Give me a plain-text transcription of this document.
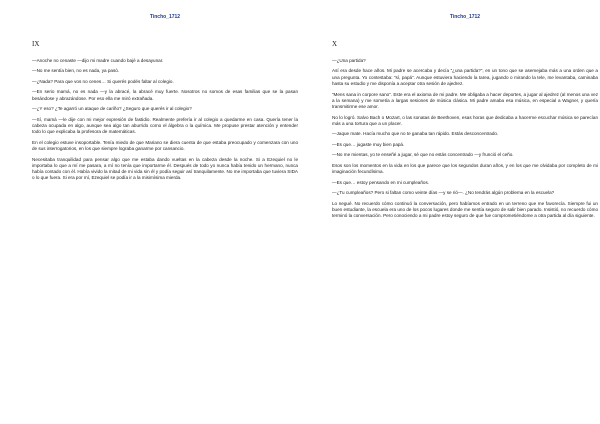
Tincho_1712
IX

—Anoche no cenaste —dijo mi madre cuando bajé a desayunar.

—No me sentía bien, no es nada, ya pasó.

—¿Nada? Para que vos no cenes… Si querés podés faltar al colegio.

—En serio mamá, no es nada —y la abracé, la abracé muy fuerte. Nosotros no somos de esas familias que se la pasan besándose y abrazándose. Por eso ella me miró extrañada.

—¿Y eso? ¿Te agarró un ataque de cariño? ¿Seguro que querés ir al colegio?

—Sí, mamá —le dije con mi mejor expresión de fastidio. Realmente prefería ir al colegio a quedarme en casa. Quería tener la cabeza ocupada en algo, aunque sea algo tan aburrido como el álgebra o la química. Me propuse prestar atención y entender todo lo que explicaba la profesora de matemáticas.

En el colegio estuve insoportable. Tenía miedo de que Mariano se diera cuenta de que estaba preocupado y comenzara con uno de sus interrogatorios, en los que siempre lograba ganarme por cansancio.

Necesitaba tranquilidad para pensar algo que me estaba dando vueltas en la cabeza desde la noche. Si a Ezequiel no le importaba lo que a mí me pasara, a mí no tenía que importarme él. Después de todo yo nunca había tenido un hermano, nunca había contado con él. Había vivido la mitad de mi vida sin él y podía seguir así tranquilamente. No me importaba que tuviera SIDA o lo que fuera. Si era por mí, Ezequiel se podía ir a la misimísima mierda.

Tincho_1712
X

—¿Una partida?

Así era desde hace años. Mi padre se acercaba y decía “¿una partida?”, en un tono que se asemejaba más a una orden que a una pregunta. Yo contestaba: “sí, papá”. Aunque estuviera haciendo la tarea, jugando o mirando la tele, me levantaba, caminaba hasta su estudio y me disponía a aceptar otra sesión de ajedrez.

“Mens sana in corpore sano”. Este era el axioma de mi padre. Me obligaba a hacer deportes, a jugar al ajedrez (al menos una vez a la semana) y me sometía a largas sesiones de música clásica. Mi padre amaba esa música, en especial a Wagner, y quería transmitirme ese amor.

No lo logró. Salvo Bach o Mozart, o las sonatas de Beethoven, esas horas que dedicaba a hacerme escuchar música se parecían más a una tortura que a un placer.

—Jaque mate. Hacía mucho que no te ganaba tan rápido. Estás desconcentrado.

—Es que… jugaste muy bien papá.

—No me mientas, yo te enseñé a jugar, sé que no estás concentrado —y frunció el ceño.

Esos son los momentos en la vida en los que parece que los segundos duran años, y en los que me olvidaba por completo de mi imaginación fecundísima.

—Es que… estoy pensando en mi cumpleaños.

—¿Tu cumpleaños? Pero si faltan como veinte días —y se rió—. ¿No tendrás algún problema en la escuela?

Lo negué. No recuerdo cómo continuó la conversación, pero habíamos entrado en un terreno que me favorecía. Siempre fui un buen estudiante, la escuela era uno de los pocos lugares donde me sentía seguro de salir bien parado. Insistió, no recuerdo cómo terminó la conversación. Pero conociendo a mi padre estoy seguro de que fue comprometiéndome a otra partida al día siguiente.
